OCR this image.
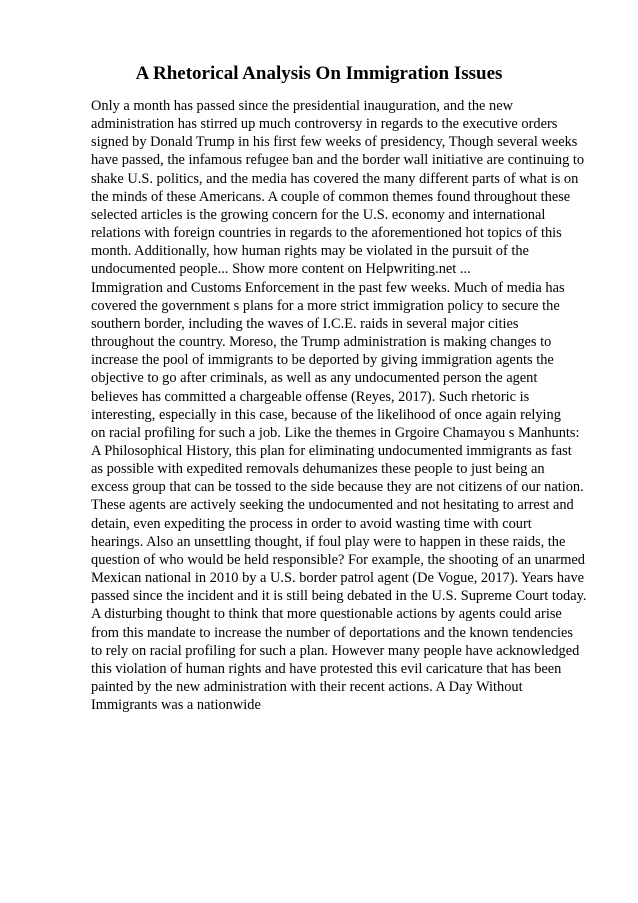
A Rhetorical Analysis On Immigration Issues
Only a month has passed since the presidential inauguration, and the new
administration has stirred up much controversy in regards to the executive orders
signed by Donald Trump in his first few weeks of presidency, Though several weeks
have passed, the infamous refugee ban and the border wall initiative are continuing to
shake U.S. politics, and the media has covered the many different parts of what is on
the minds of these Americans. A couple of common themes found throughout these
selected articles is the growing concern for the U.S. economy and international
relations with foreign countries in regards to the aforementioned hot topics of this
month. Additionally, how human rights may be violated in the pursuit of the
undocumented people... Show more content on Helpwriting.net ...
Immigration and Customs Enforcement in the past few weeks. Much of media has
covered the government s plans for a more strict immigration policy to secure the
southern border, including the waves of I.C.E. raids in several major cities
throughout the country. Moreso, the Trump administration is making changes to
increase the pool of immigrants to be deported by giving immigration agents the
objective to go after criminals, as well as any undocumented person the agent
believes has committed a chargeable offense (Reyes, 2017). Such rhetoric is
interesting, especially in this case, because of the likelihood of once again relying
on racial profiling for such a job. Like the themes in Grgoire Chamayou s Manhunts:
A Philosophical History, this plan for eliminating undocumented immigrants as fast
as possible with expedited removals dehumanizes these people to just being an
excess group that can be tossed to the side because they are not citizens of our nation.
These agents are actively seeking the undocumented and not hesitating to arrest and
detain, even expediting the process in order to avoid wasting time with court
hearings. Also an unsettling thought, if foul play were to happen in these raids, the
question of who would be held responsible? For example, the shooting of an unarmed
Mexican national in 2010 by a U.S. border patrol agent (De Vogue, 2017). Years have
passed since the incident and it is still being debated in the U.S. Supreme Court today.
A disturbing thought to think that more questionable actions by agents could arise
from this mandate to increase the number of deportations and the known tendencies
to rely on racial profiling for such a plan. However many people have acknowledged
this violation of human rights and have protested this evil caricature that has been
painted by the new administration with their recent actions. A Day Without
Immigrants was a nationwide
